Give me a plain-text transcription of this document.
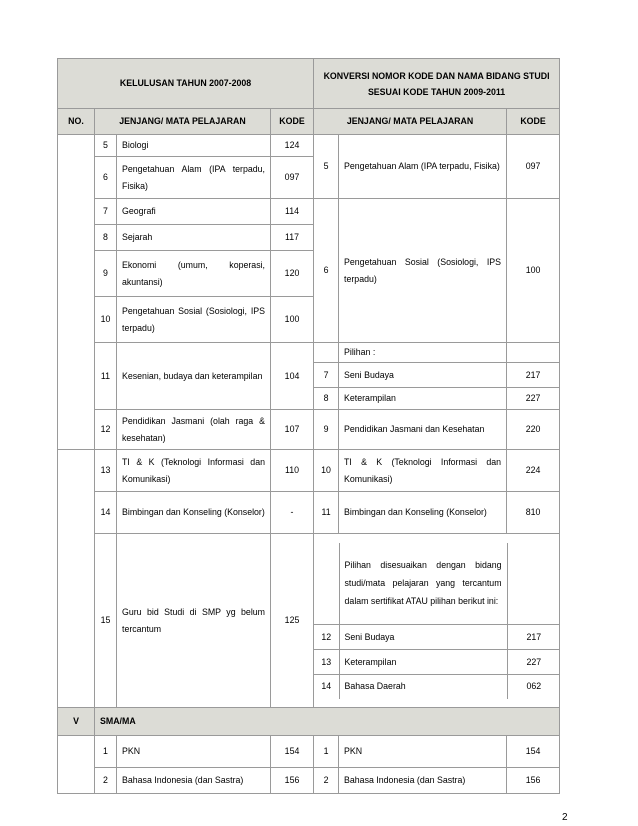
KELULUSAN TAHUN 2007-2008	KONVERSI NOMOR KODE DAN NAMA BIDANG STUDI SESUAI KODE TAHUN 2009-2011
NO.	JENJANG/ MATA PELAJARAN	KODE	JENJANG/ MATA PELAJARAN	KODE
	5	Biologi	124	5	Pengetahuan Alam (IPA terpadu, Fisika)	097
6	Pengetahuan Alam (IPA terpadu, Fisika)	097
7	Geografi	114	6	Pengetahuan Sosial (Sosiologi, IPS terpadu)	100
8	Sejarah	117
9	Ekonomi (umum, koperasi, akuntansi)	120
10	Pengetahuan Sosial (Sosiologi, IPS terpadu)	100
11	Kesenian, budaya dan keterampilan	104		Pilihan :	
7	Seni Budaya	217
8	Keterampilan	227
12	Pendidikan Jasmani (olah raga & kesehatan)	107	9	Pendidikan Jasmani dan Kesehatan	220
	13	TI & K (Teknologi Informasi dan Komunikasi)	110	10	TI & K (Teknologi Informasi dan Komunikasi)	224
14	Bimbingan dan Konseling (Konselor)	-	11	Bimbingan dan Konseling (Konselor)	810
15	Guru bid Studi di SMP yg belum tercantum	125	
	Pilihan disesuaikan dengan bidang studi/mata pelajaran yang tercantum dalam sertifikat ATAU pilihan berikut ini:	
12	Seni Budaya	217
13	Keterampilan	227
14	Bahasa Daerah	062

V	SMA/MA
	1	PKN	154	1	PKN	154
2	Bahasa Indonesia (dan Sastra)	156	2	Bahasa Indonesia (dan Sastra)	156
2
